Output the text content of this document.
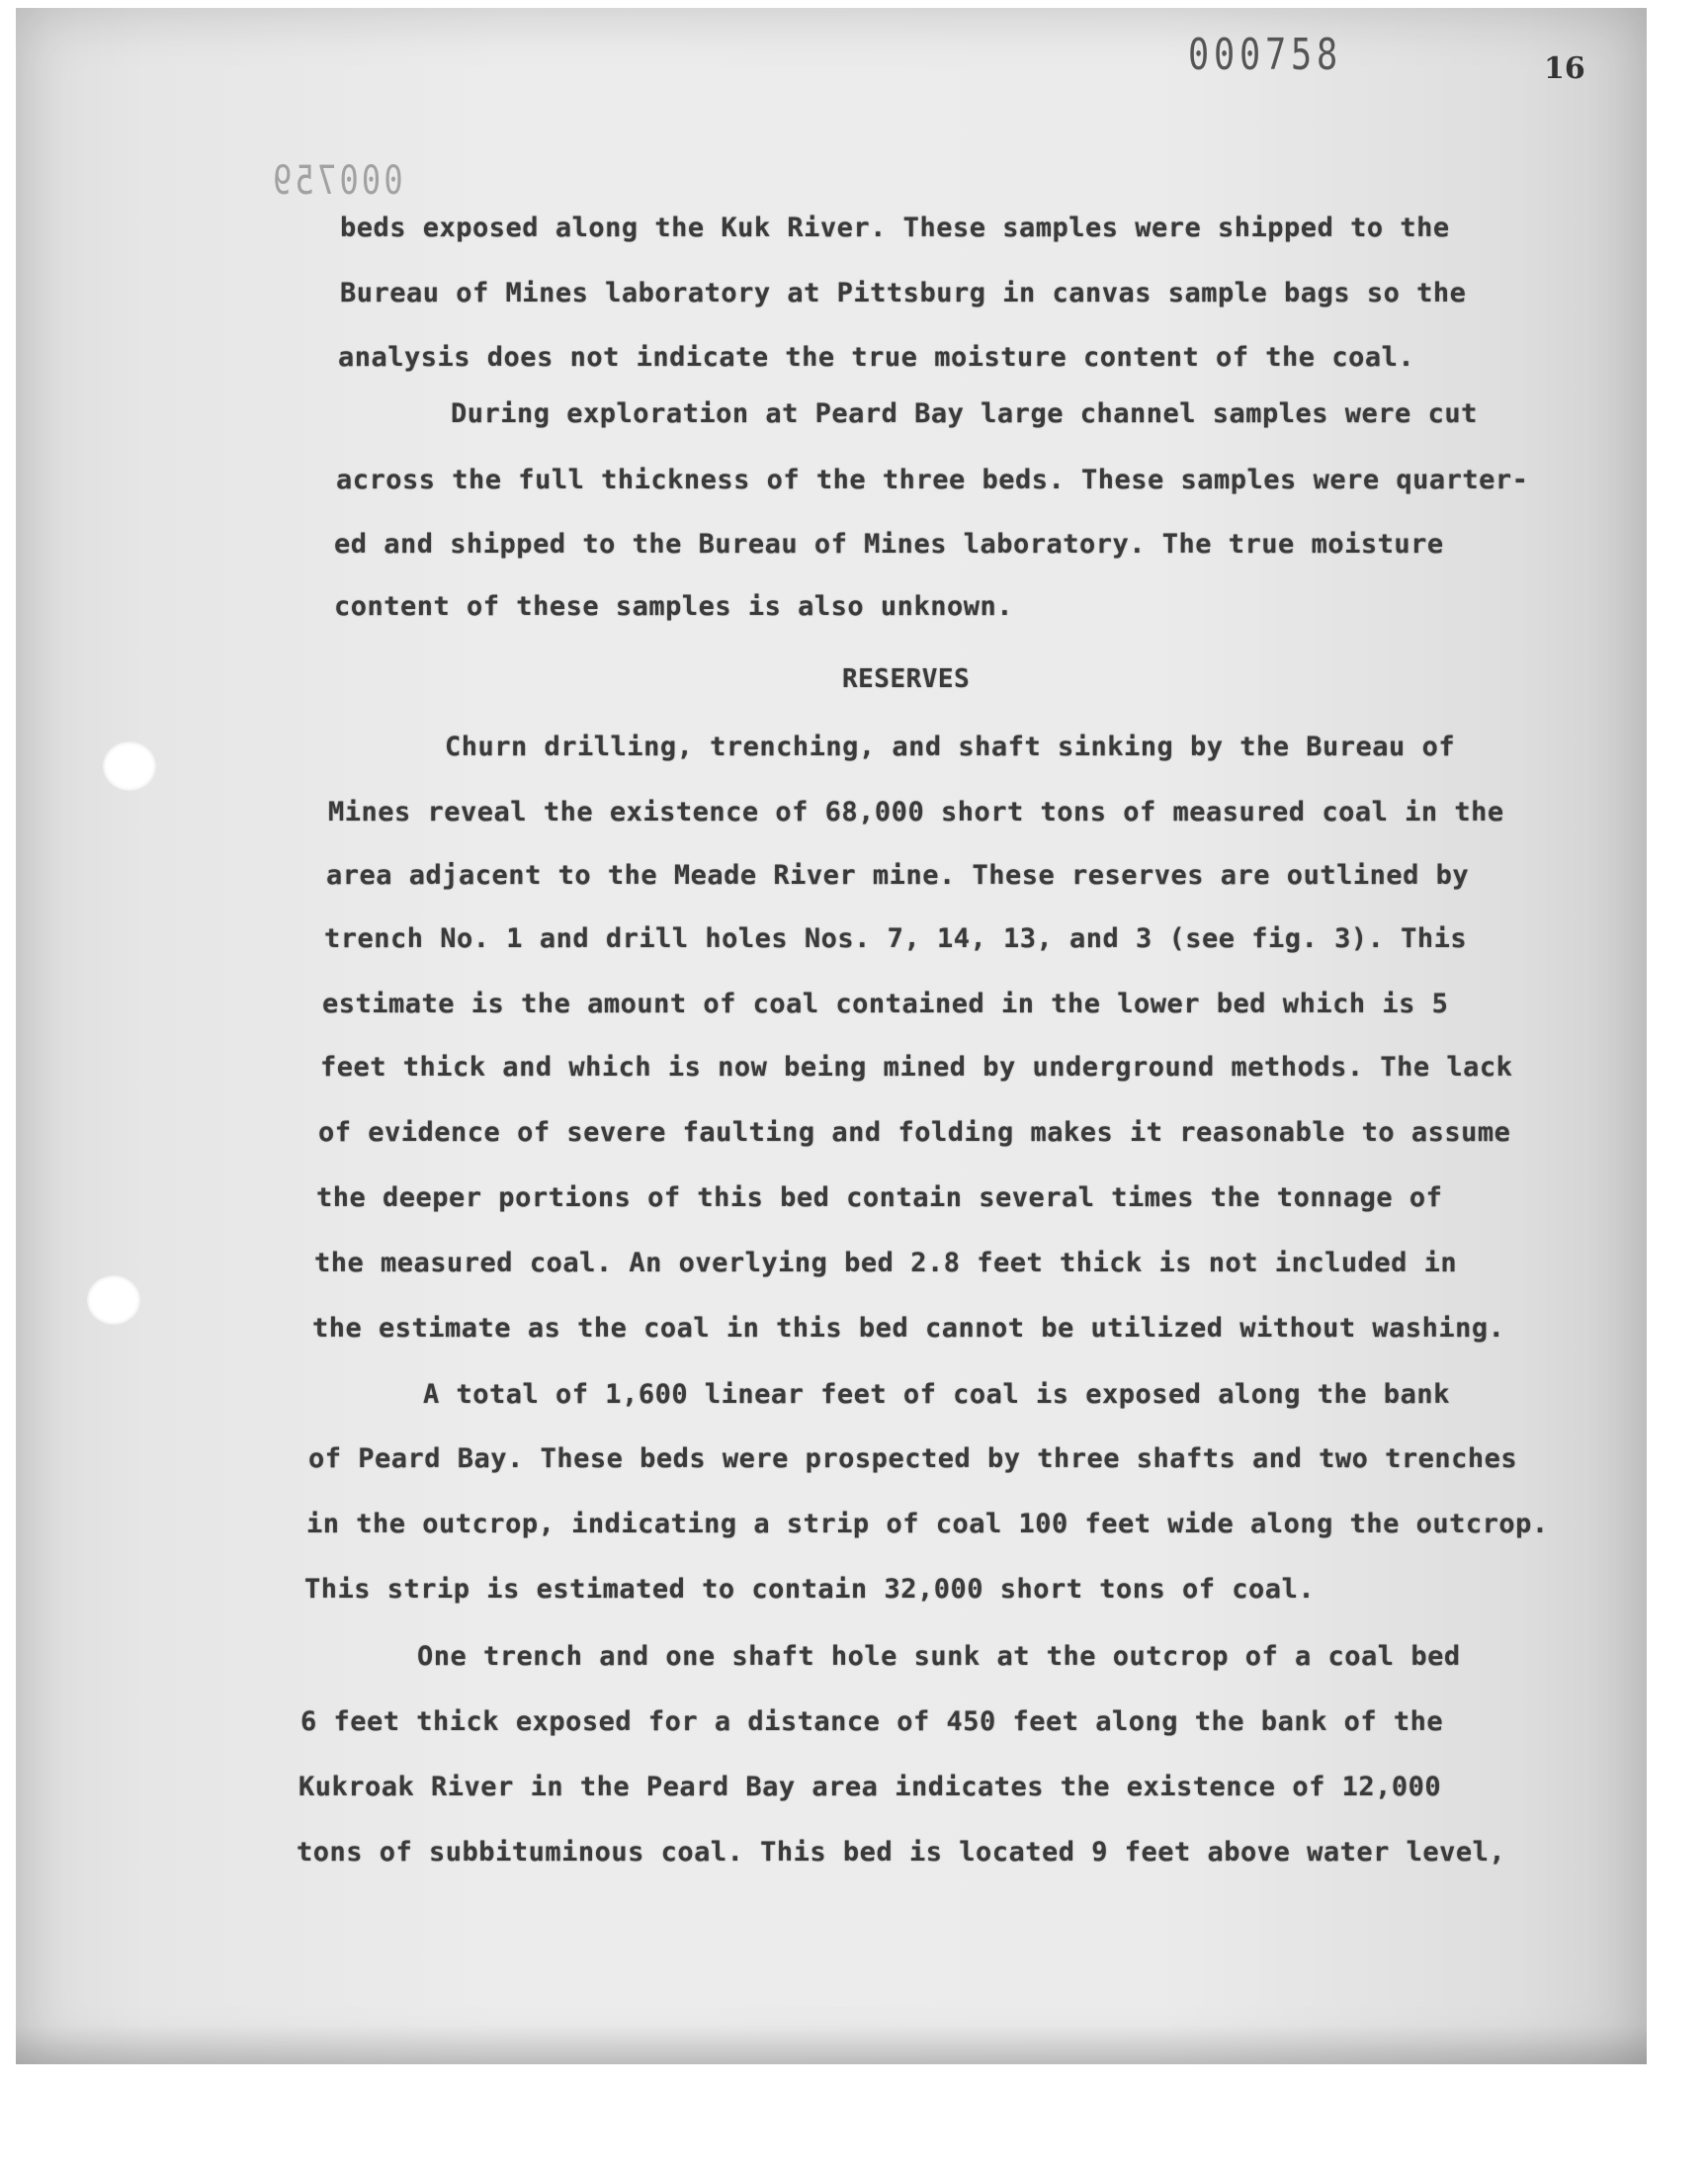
000758	16
000759
beds exposed along the Kuk River. These samples were shipped to the
Bureau of Mines laboratory at Pittsburg in canvas sample bags so the
analysis does not indicate the true moisture content of the coal.
During exploration at Peard Bay large channel samples were cut
across the full thickness of the three beds. These samples were quarter-
ed and shipped to the Bureau of Mines laboratory. The true moisture
content of these samples is also unknown.
RESERVES
Churn drilling, trenching, and shaft sinking by the Bureau of
Mines reveal the existence of 68,000 short tons of measured coal in the
area adjacent to the Meade River mine. These reserves are outlined by
trench No. 1 and drill holes Nos. 7, 14, 13, and 3 (see fig. 3). This
estimate is the amount of coal contained in the lower bed which is 5
feet thick and which is now being mined by underground methods. The lack
of evidence of severe faulting and folding makes it reasonable to assume
the deeper portions of this bed contain several times the tonnage of
the measured coal. An overlying bed 2.8 feet thick is not included in
the estimate as the coal in this bed cannot be utilized without washing.
A total of 1,600 linear feet of coal is exposed along the bank
of Peard Bay. These beds were prospected by three shafts and two trenches
in the outcrop, indicating a strip of coal 100 feet wide along the outcrop.
This strip is estimated to contain 32,000 short tons of coal.
One trench and one shaft hole sunk at the outcrop of a coal bed
6 feet thick exposed for a distance of 450 feet along the bank of the
Kukroak River in the Peard Bay area indicates the existence of 12,000
tons of subbituminous coal. This bed is located 9 feet above water level,
